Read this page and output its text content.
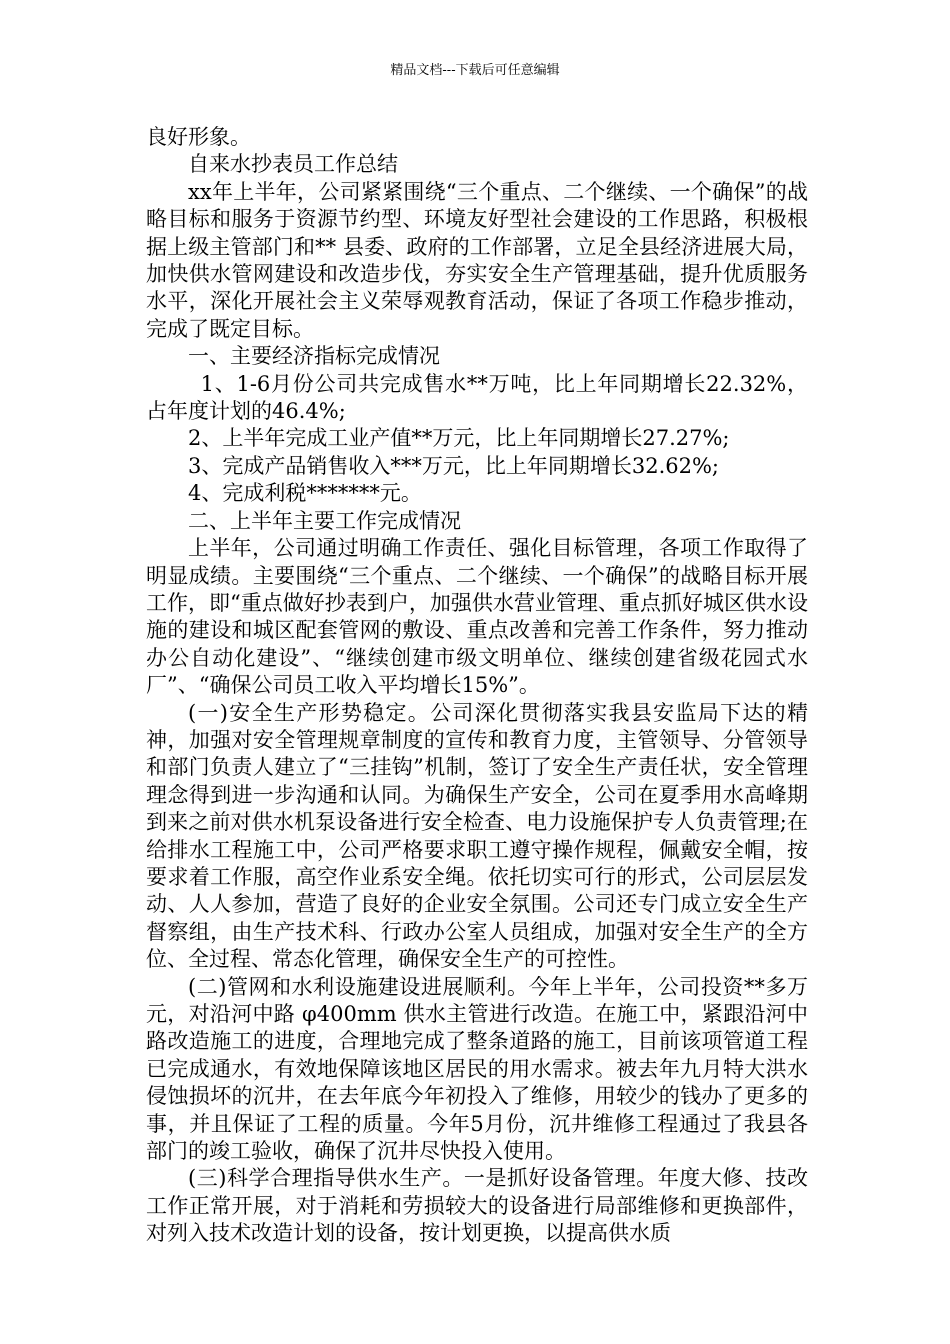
精品文档---下载后可任意编辑

良好形象。

自来水抄表员工作总结

xx年上半年，公司紧紧围绕“三个重点、二个继续、一个确保”的战略目标和服务于资源节约型、环境友好型社会建设的工作思路，积极根据上级主管部门和** 县委、政府的工作部署，立足全县经济进展大局，加快供水管网建设和改造步伐，夯实安全生产管理基础，提升优质服务水平，深化开展社会主义荣辱观教育活动，保证了各项工作稳步推动，完成了既定目标。

一、主要经济指标完成情况

1、1-6月份公司共完成售水**万吨，比上年同期增长22.32%，占年度计划的46.4%;

2、上半年完成工业产值**万元，比上年同期增长27.27%;

3、完成产品销售收入***万元，比上年同期增长32.62%;

4、完成利税*******元。

二、上半年主要工作完成情况

上半年，公司通过明确工作责任、强化目标管理，各项工作取得了明显成绩。主要围绕“三个重点、二个继续、一个确保”的战略目标开展工作，即“重点做好抄表到户，加强供水营业管理、重点抓好城区供水设施的建设和城区配套管网的敷设、重点改善和完善工作条件，努力推动办公自动化建设”、“继续创建市级文明单位、继续创建省级花园式水厂”、“确保公司员工收入平均增长15%”。

(一)安全生产形势稳定。公司深化贯彻落实我县安监局下达的精神，加强对安全管理规章制度的宣传和教育力度，主管领导、分管领导和部门负责人建立了“三挂钩”机制，签订了安全生产责任状，安全管理理念得到进一步沟通和认同。为确保生产安全，公司在夏季用水高峰期到来之前对供水机泵设备进行安全检查、电力设施保护专人负责管理;在给排水工程施工中，公司严格要求职工遵守操作规程，佩戴安全帽，按要求着工作服，高空作业系安全绳。依托切实可行的形式，公司层层发动、人人参加，营造了良好的企业安全氛围。公司还专门成立安全生产督察组，由生产技术科、行政办公室人员组成，加强对安全生产的全方位、全过程、常态化管理，确保安全生产的可控性。

(二)管网和水利设施建设进展顺利。今年上半年，公司投资**多万元，对沿河中路 φ400mm 供水主管进行改造。在施工中，紧跟沿河中路改造施工的进度，合理地完成了整条道路的施工，目前该项管道工程已完成通水，有效地保障该地区居民的用水需求。被去年九月特大洪水侵蚀损坏的沉井，在去年底今年初投入了维修，用较少的钱办了更多的事，并且保证了工程的质量。今年5月份，沉井维修工程通过了我县各部门的竣工验收，确保了沉井尽快投入使用。

(三)科学合理指导供水生产。一是抓好设备管理。年度大修、技改工作正常开展，对于消耗和劳损较大的设备进行局部维修和更换部件，对列入技术改造计划的设备，按计划更换，以提高供水质
